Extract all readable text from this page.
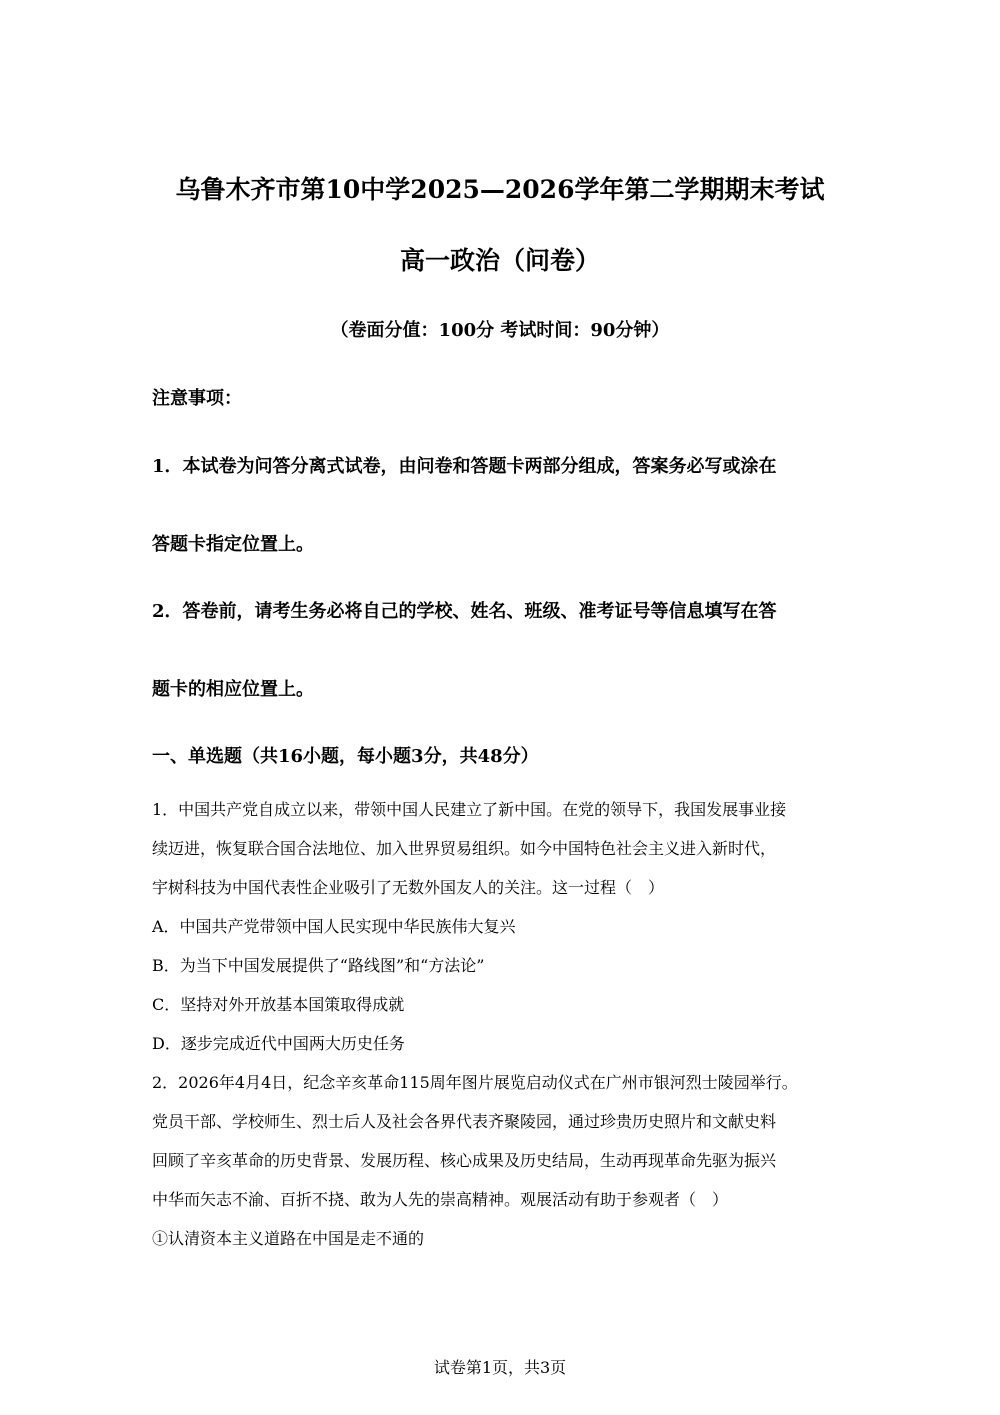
乌鲁木齐市第10中学2025—2026学年第二学期期末考试
高一政治（问卷）
（卷面分值：100分 考试时间：90分钟）
注意事项：
1．本试卷为问答分离式试卷，由问卷和答题卡两部分组成，答案务必写或涂在
答题卡指定位置上。
2．答卷前，请考生务必将自己的学校、姓名、班级、准考证号等信息填写在答
题卡的相应位置上。
一、单选题（共16小题，每小题3分，共48分）
1．中国共产党自成立以来，带领中国人民建立了新中国。在党的领导下，我国发展事业接
续迈进，恢复联合国合法地位、加入世界贸易组织。如今中国特色社会主义进入新时代，
宇树科技为中国代表性企业吸引了无数外国友人的关注。这一过程（　）
A．中国共产党带领中国人民实现中华民族伟大复兴
B．为当下中国发展提供了“路线图”和“方法论”
C．坚持对外开放基本国策取得成就
D．逐步完成近代中国两大历史任务
2．2026年4月4日，纪念辛亥革命115周年图片展览启动仪式在广州市银河烈士陵园举行。
党员干部、学校师生、烈士后人及社会各界代表齐聚陵园，通过珍贵历史照片和文献史料
回顾了辛亥革命的历史背景、发展历程、核心成果及历史结局，生动再现革命先驱为振兴
中华而矢志不渝、百折不挠、敢为人先的崇高精神。观展活动有助于参观者（　）
①认清资本主义道路在中国是走不通的
试卷第1页，共3页
